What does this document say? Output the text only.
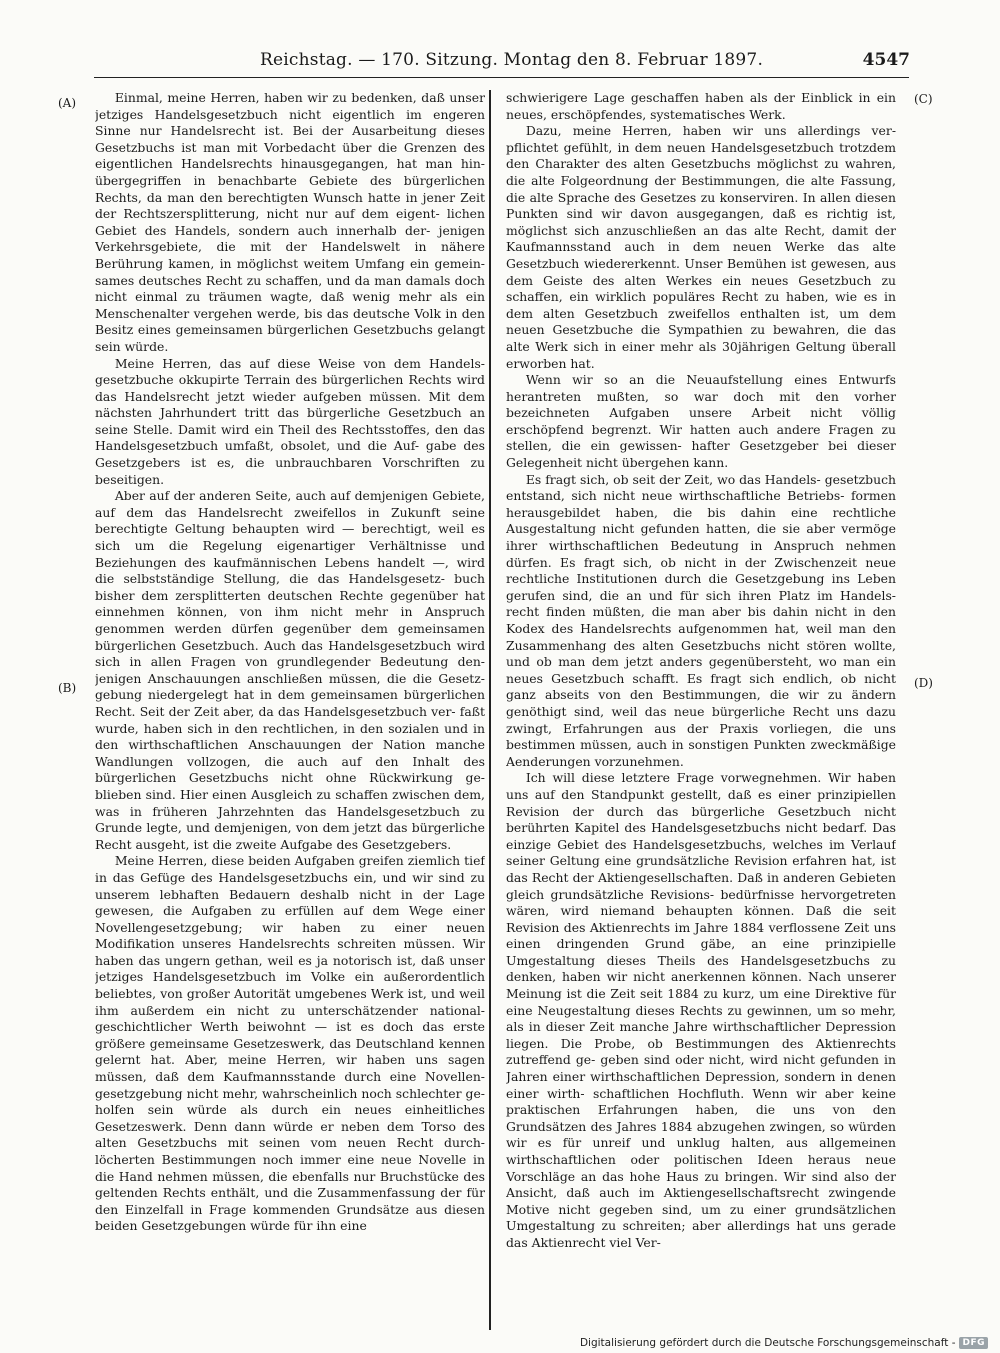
Reichstag. — 170. Sitzung. Montag den 8. Februar 1897.	4547
(A)
(B)
(C)
(D)

Einmal, meine Herren, haben wir zu bedenken, daß unser jetziges Handelsgesetzbuch nicht eigentlich im engeren Sinne nur Handelsrecht ist. Bei der Ausarbeitung dieses Gesetzbuchs ist man mit Vorbedacht über die Grenzen des eigentlichen Handelsrechts hinausgegangen, hat man hin- übergegriffen in benachbarte Gebiete des bürgerlichen Rechts, da man den berechtigten Wunsch hatte in jener Zeit der Rechtszersplitterung, nicht nur auf dem eigent- lichen Gebiet des Handels, sondern auch innerhalb der- jenigen Verkehrsgebiete, die mit der Handelswelt in nähere Berührung kamen, in möglichst weitem Umfang ein gemein- sames deutsches Recht zu schaffen, und da man damals doch nicht einmal zu träumen wagte, daß wenig mehr als ein Menschenalter vergehen werde, bis das deutsche Volk in den Besitz eines gemeinsamen bürgerlichen Gesetzbuchs gelangt sein würde.

Meine Herren, das auf diese Weise von dem Handels- gesetzbuche okkupirte Terrain des bürgerlichen Rechts wird das Handelsrecht jetzt wieder aufgeben müssen. Mit dem nächsten Jahrhundert tritt das bürgerliche Gesetzbuch an seine Stelle. Damit wird ein Theil des Rechtsstoffes, den das Handelsgesetzbuch umfaßt, obsolet, und die Auf- gabe des Gesetzgebers ist es, die unbrauchbaren Vorschriften zu beseitigen.

Aber auf der anderen Seite, auch auf demjenigen Gebiete, auf dem das Handelsrecht zweifellos in Zukunft seine berechtigte Geltung behaupten wird — berechtigt, weil es sich um die Regelung eigenartiger Verhältnisse und Beziehungen des kaufmännischen Lebens handelt —, wird die selbstständige Stellung, die das Handelsgesetz- buch bisher dem zersplitterten deutschen Rechte gegenüber hat einnehmen können, von ihm nicht mehr in Anspruch genommen werden dürfen gegenüber dem gemeinsamen bürgerlichen Gesetzbuch. Auch das Handelsgesetzbuch wird sich in allen Fragen von grundlegender Bedeutung den- jenigen Anschauungen anschließen müssen, die die Gesetz- gebung niedergelegt hat in dem gemeinsamen bürgerlichen Recht. Seit der Zeit aber, da das Handelsgesetzbuch ver- faßt wurde, haben sich in den rechtlichen, in den sozialen und in den wirthschaftlichen Anschauungen der Nation manche Wandlungen vollzogen, die auch auf den Inhalt des bürgerlichen Gesetzbuchs nicht ohne Rückwirkung ge- blieben sind. Hier einen Ausgleich zu schaffen zwischen dem, was in früheren Jahrzehnten das Handelsgesetzbuch zu Grunde legte, und demjenigen, von dem jetzt das bürgerliche Recht ausgeht, ist die zweite Aufgabe des Gesetzgebers.

Meine Herren, diese beiden Aufgaben greifen ziemlich tief in das Gefüge des Handelsgesetzbuchs ein, und wir sind zu unserem lebhaften Bedauern deshalb nicht in der Lage gewesen, die Aufgaben zu erfüllen auf dem Wege einer Novellengesetzgebung; wir haben zu einer neuen Modifikation unseres Handelsrechts schreiten müssen. Wir haben das ungern gethan, weil es ja notorisch ist, daß unser jetziges Handelsgesetzbuch im Volke ein außerordentlich beliebtes, von großer Autorität umgebenes Werk ist, und weil ihm außerdem ein nicht zu unterschätzender national- geschichtlicher Werth beiwohnt — ist es doch das erste größere gemeinsame Gesetzeswerk, das Deutschland kennen gelernt hat. Aber, meine Herren, wir haben uns sagen müssen, daß dem Kaufmannsstande durch eine Novellen- gesetzgebung nicht mehr, wahrscheinlich noch schlechter ge- holfen sein würde als durch ein neues einheitliches Gesetzeswerk. Denn dann würde er neben dem Torso des alten Gesetzbuchs mit seinen vom neuen Recht durch- löcherten Bestimmungen noch immer eine neue Novelle in die Hand nehmen müssen, die ebenfalls nur Bruchstücke des geltenden Rechts enthält, und die Zusammenfassung der für den Einzelfall in Frage kommenden Grundsätze aus diesen beiden Gesetzgebungen würde für ihn eine

schwierigere Lage geschaffen haben als der Einblick in ein neues, erschöpfendes, systematisches Werk.

Dazu, meine Herren, haben wir uns allerdings ver- pflichtet gefühlt, in dem neuen Handelsgesetzbuch trotzdem den Charakter des alten Gesetzbuchs möglichst zu wahren, die alte Folgeordnung der Bestimmungen, die alte Fassung, die alte Sprache des Gesetzes zu konserviren. In allen diesen Punkten sind wir davon ausgegangen, daß es richtig ist, möglichst sich anzuschließen an das alte Recht, damit der Kaufmannsstand auch in dem neuen Werke das alte Gesetzbuch wiedererkennt. Unser Bemühen ist gewesen, aus dem Geiste des alten Werkes ein neues Gesetzbuch zu schaffen, ein wirklich populäres Recht zu haben, wie es in dem alten Gesetzbuch zweifellos enthalten ist, um dem neuen Gesetzbuche die Sympathien zu bewahren, die das alte Werk sich in einer mehr als 30jährigen Geltung überall erworben hat.

Wenn wir so an die Neuaufstellung eines Entwurfs herantreten mußten, so war doch mit den vorher bezeichneten Aufgaben unsere Arbeit nicht völlig erschöpfend begrenzt. Wir hatten auch andere Fragen zu stellen, die ein gewissen- hafter Gesetzgeber bei dieser Gelegenheit nicht übergehen kann.

Es fragt sich, ob seit der Zeit, wo das Handels- gesetzbuch entstand, sich nicht neue wirthschaftliche Betriebs- formen herausgebildet haben, die bis dahin eine rechtliche Ausgestaltung nicht gefunden hatten, die sie aber vermöge ihrer wirthschaftlichen Bedeutung in Anspruch nehmen dürfen. Es fragt sich, ob nicht in der Zwischenzeit neue rechtliche Institutionen durch die Gesetzgebung ins Leben gerufen sind, die an und für sich ihren Platz im Handels- recht finden müßten, die man aber bis dahin nicht in den Kodex des Handelsrechts aufgenommen hat, weil man den Zusammenhang des alten Gesetzbuchs nicht stören wollte, und ob man dem jetzt anders gegenübersteht, wo man ein neues Gesetzbuch schafft. Es fragt sich endlich, ob nicht ganz abseits von den Bestimmungen, die wir zu ändern genöthigt sind, weil das neue bürgerliche Recht uns dazu zwingt, Erfahrungen aus der Praxis vorliegen, die uns bestimmen müssen, auch in sonstigen Punkten zweckmäßige Aenderungen vorzunehmen.

Ich will diese letztere Frage vorwegnehmen. Wir haben uns auf den Standpunkt gestellt, daß es einer prinzipiellen Revision der durch das bürgerliche Gesetzbuch nicht berührten Kapitel des Handelsgesetzbuchs nicht bedarf. Das einzige Gebiet des Handelsgesetzbuchs, welches im Verlauf seiner Geltung eine grundsätzliche Revision erfahren hat, ist das Recht der Aktiengesellschaften. Daß in anderen Gebieten gleich grundsätzliche Revisions- bedürfnisse hervorgetreten wären, wird niemand behaupten können. Daß die seit Revision des Aktienrechts im Jahre 1884 verflossene Zeit uns einen dringenden Grund gäbe, an eine prinzipielle Umgestaltung dieses Theils des Handelsgesetzbuchs zu denken, haben wir nicht anerkennen können. Nach unserer Meinung ist die Zeit seit 1884 zu kurz, um eine Direktive für eine Neugestaltung dieses Rechts zu gewinnen, um so mehr, als in dieser Zeit manche Jahre wirthschaftlicher Depression liegen. Die Probe, ob Bestimmungen des Aktienrechts zutreffend ge- geben sind oder nicht, wird nicht gefunden in Jahren einer wirthschaftlichen Depression, sondern in denen einer wirth- schaftlichen Hochfluth. Wenn wir aber keine praktischen Erfahrungen haben, die uns von den Grundsätzen des Jahres 1884 abzugehen zwingen, so würden wir es für unreif und unklug halten, aus allgemeinen wirthschaftlichen oder politischen Ideen heraus neue Vorschläge an das hohe Haus zu bringen. Wir sind also der Ansicht, daß auch im Aktiengesellschaftsrecht zwingende Motive nicht gegeben sind, um zu einer grundsätzlichen Umgestaltung zu schreiten; aber allerdings hat uns gerade das Aktienrecht viel Ver-

Digitalisierung gefördert durch die Deutsche Forschungsgemeinschaft - DFG
